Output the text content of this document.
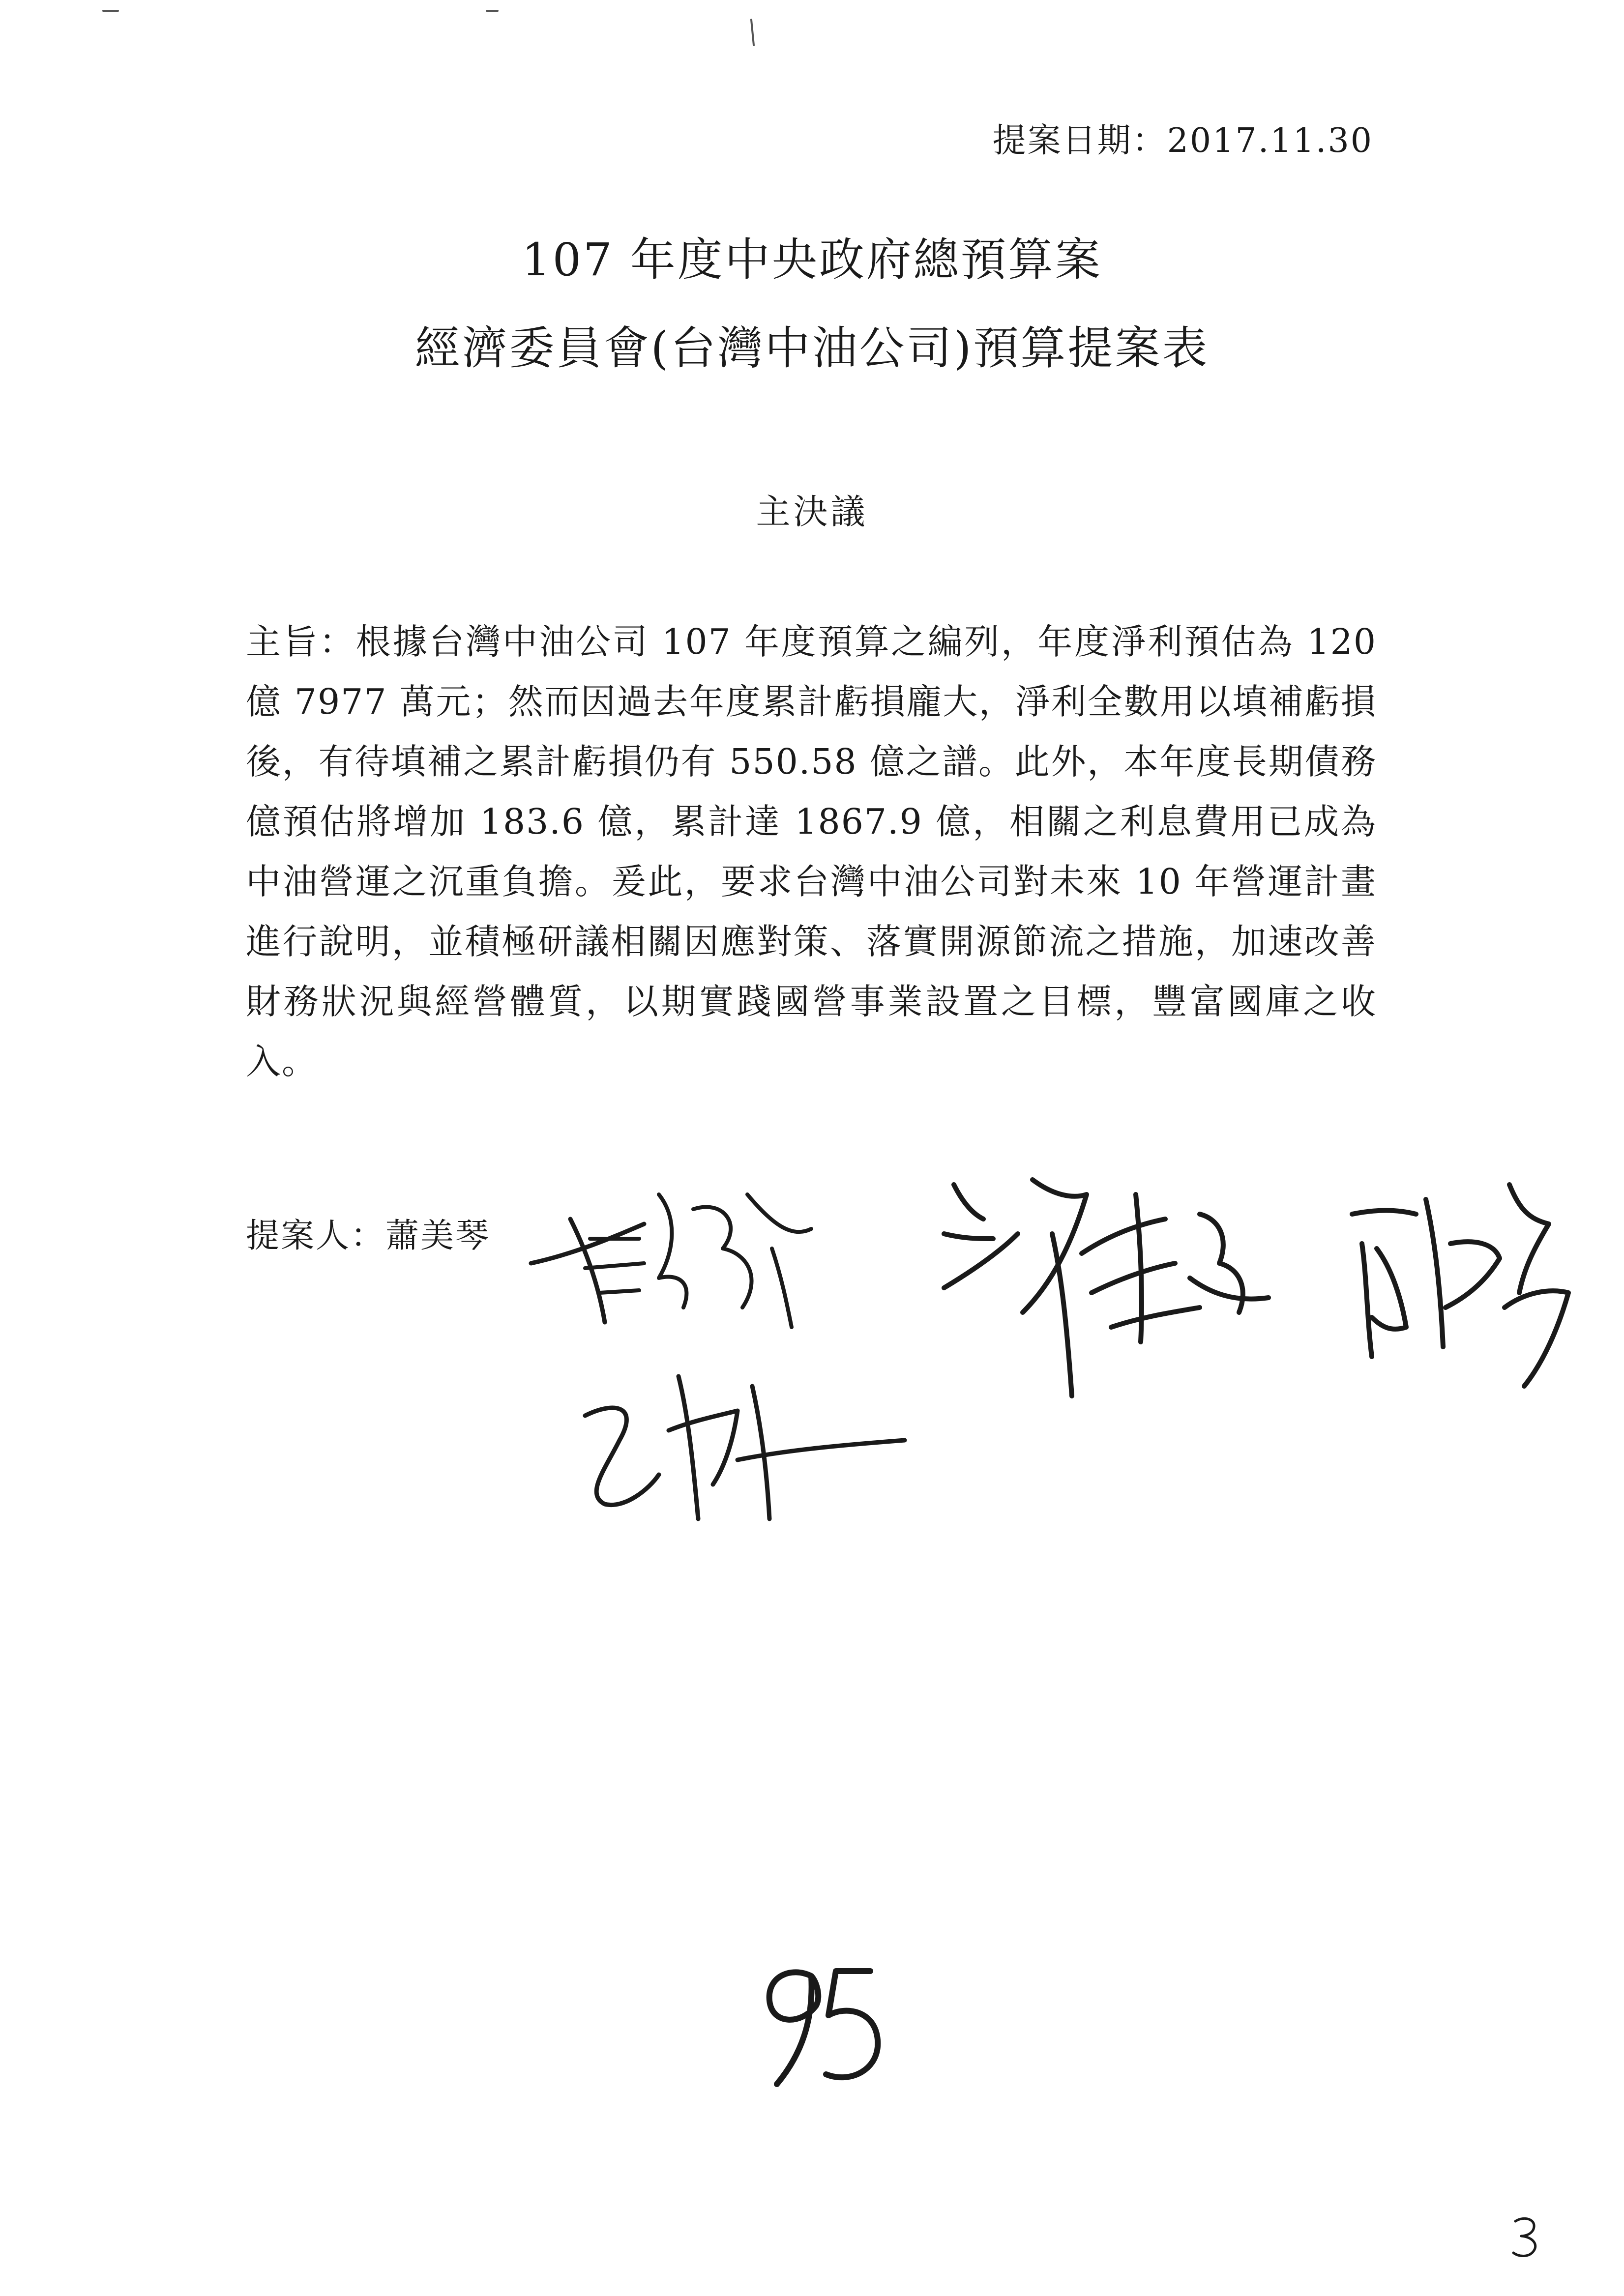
提案日期：2017.11.30
107 年度中央政府總預算案
經濟委員會(台灣中油公司)預算提案表
主決議
主旨：根據台灣中油公司 107 年度預算之編列，年度淨利預估為 120 億 7977 萬元；然而因過去年度累計虧損龐大，淨利全數用以填補虧損後，有待填補之累計虧損仍有 550.58 億之譜。此外，本年度長期債務億預估將增加 183.6 億，累計達 1867.9 億，相關之利息費用已成為中油營運之沉重負擔。爰此，要求台灣中油公司對未來 10 年營運計畫進行說明，並積極研議相關因應對策、落實開源節流之措施，加速改善財務狀況與經營體質，以期實踐國營事業設置之目標，豐富國庫之收入。
提案人：蕭美琴
